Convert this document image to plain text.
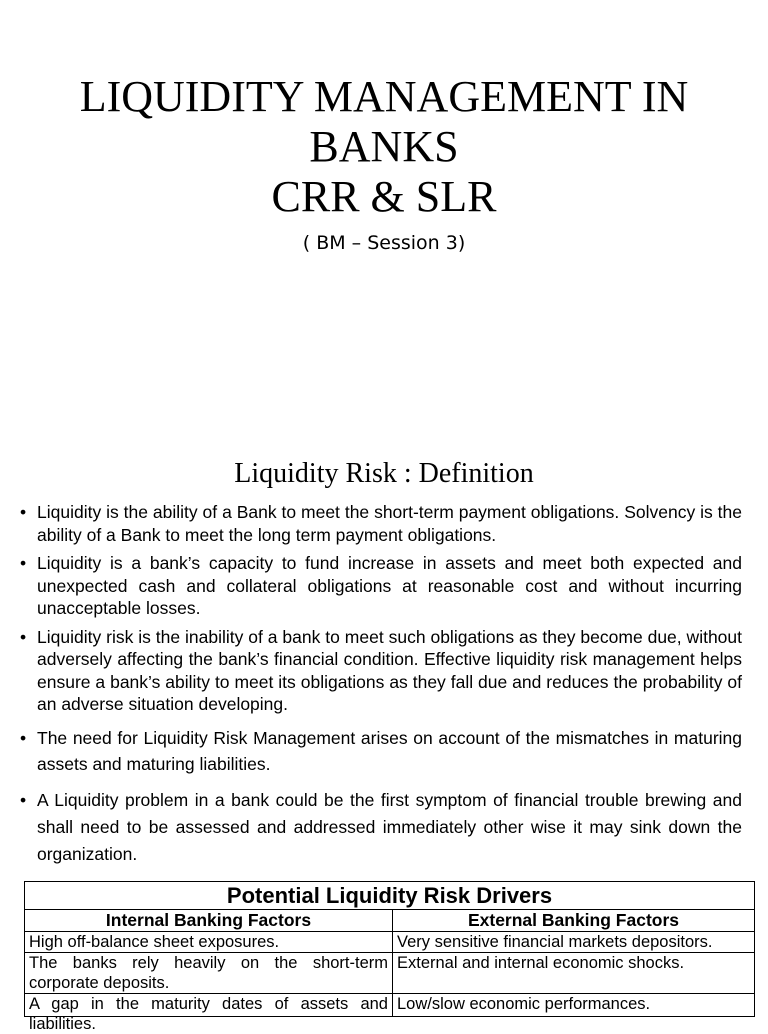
LIQUIDITY MANAGEMENT IN
BANKS
CRR & SLR
( BM – Session 3)
Liquidity Risk : Definition
• Liquidity is the ability of a Bank to meet the short-term payment obligations. Solvency is the ability of a Bank to meet the long term payment obligations.
• Liquidity is a bank’s capacity to fund increase in assets and meet both expected and unexpected cash and collateral obligations at reasonable cost and without incurring unacceptable losses.
• Liquidity risk is the inability of a bank to meet such obligations as they become due, without adversely affecting the bank’s financial condition. Effective liquidity risk management helps ensure a bank’s ability to meet its obligations as they fall due and reduces the probability of an adverse situation developing.
• The need for Liquidity Risk Management arises on account of the mismatches in maturing assets and maturing liabilities.
• A Liquidity problem in a bank could be the first symptom of financial trouble brewing and shall need to be assessed and addressed immediately other wise it may sink down the organization.
Potential Liquidity Risk Drivers	
Internal Banking Factors	External Banking Factors
High off-balance sheet exposures.	Very sensitive financial markets depositors.
The banks rely heavily on the short-term corporate deposits.	External and internal economic shocks.

A gap in the maturity dates of assets and liabilities.	Low/slow economic performances.
